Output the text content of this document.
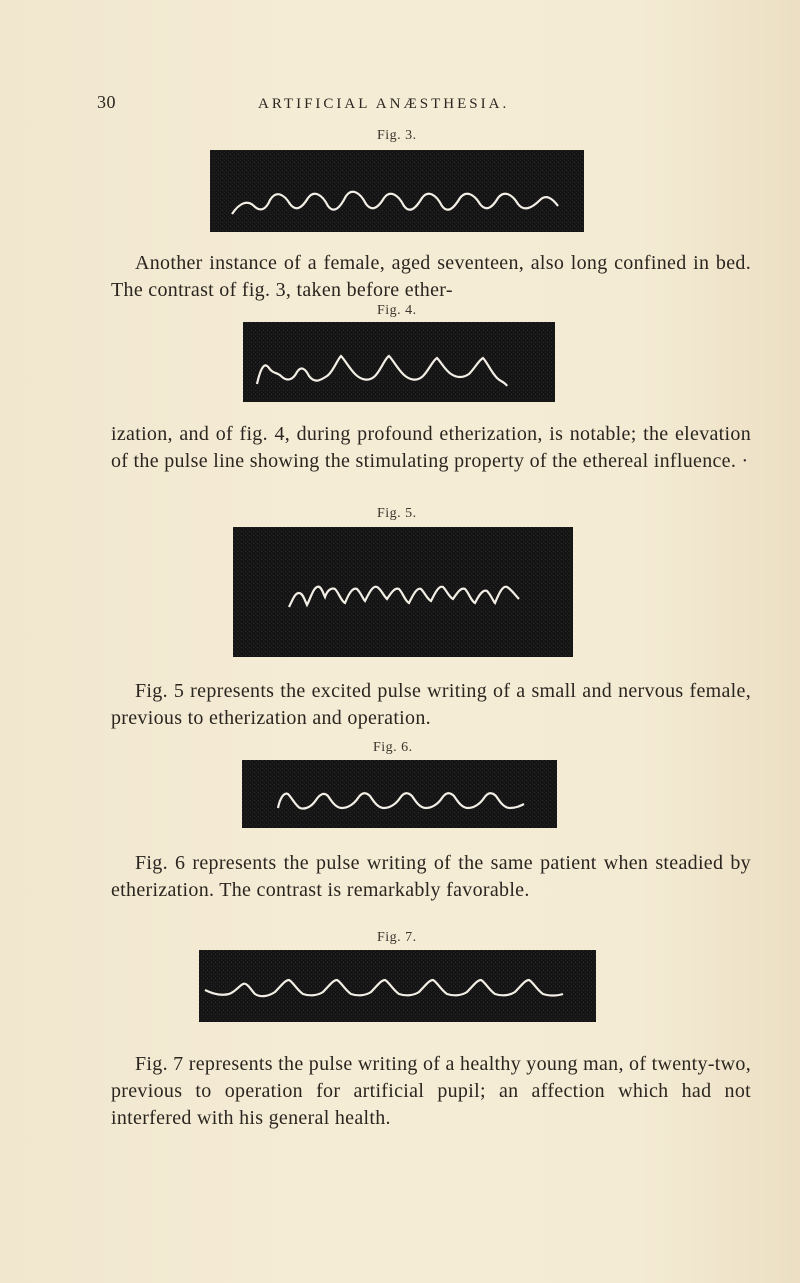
30	ARTIFICIAL ANÆSTHESIA.
Fig. 3.

Another instance of a female, aged seventeen, also long confined in bed. The contrast of fig. 3, taken before ether-

Fig. 4.

ization, and of fig. 4, during profound etherization, is notable; the elevation of the pulse line showing the stimulating property of the ethereal influence. ·

Fig. 5.

Fig. 5 represents the excited pulse writing of a small and nervous female, previous to etherization and operation.

Fig. 6.

Fig. 6 represents the pulse writing of the same patient when steadied by etherization. The contrast is remarkably favorable.

Fig. 7.

Fig. 7 represents the pulse writing of a healthy young man, of twenty-two, previous to operation for artificial pupil; an affection which had not interfered with his general health.
